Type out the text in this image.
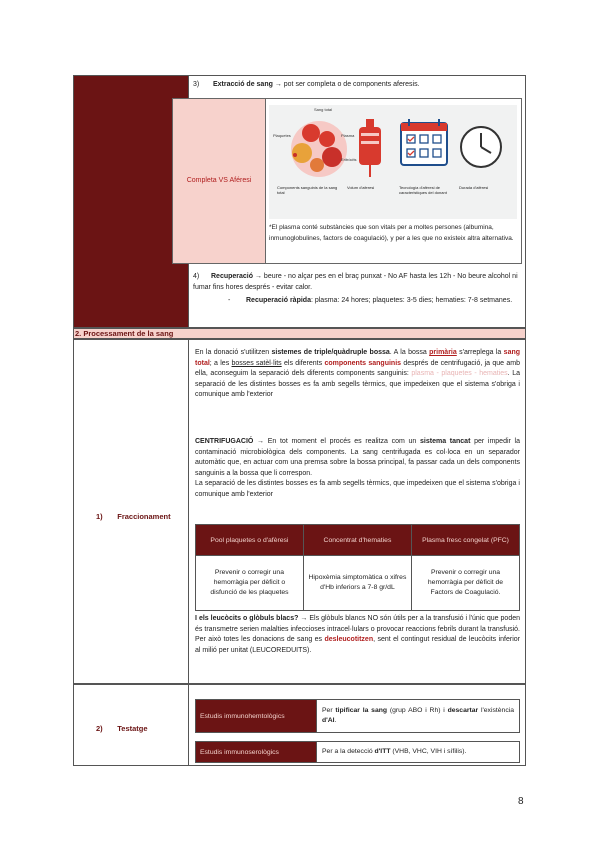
3) Extracció de sang → pot ser completa o de components aferesis.
Completa VS Aféresi
Sang total
Plaquetes	Plasma
Eritròcits
Components sanguinis de la sang total
Volum d'aferesi	Tecnología d'afèresi de caracteristiques del donant
Durada d'afèresi
*El plasma conté substàncies que son vitals per a moltes persones (albumina, inmunoglobulines, factors de coagulació), y per a les que no existeix altra alternativa.
4) Recuperació → beure - no alçar pes en el braç punxat - No AF hasta les 12h - No beure alcohol ni fumar fins hores després - evitar calor.
- Recuperació ràpida: plasma: 24 hores; plaquetes: 3-5 dies; hematies: 7-8 setmanes.
2. Processament de la sang
1)       Fraccionament
En la donació s'utilitzen sistemes de triple/quàdruple bossa. A la bossa primària s'arreplega la sang total; a les bosses satèl·lits els diferents components sanguinis després de centrifugació, ja que amb ella, aconseguim la separació dels diferents components sanguinis: plasma - plaquetes - hematies. La separació de les distintes bosses es fa amb segells tèrmics, que impedeixen que el sistema s'obriga i comunique amb l'exterior
CENTRIFUGACIÓ → En tot moment el procés es realitza com un sistema tancat per impedir la contaminació microbiològica dels components. La sang centrifugada es col·loca en un separador automàtic que, en actuar com una premsa sobre la bossa principal, fa passar cada un dels components sanguinis a la bossa que li correspon.
La separació de les distintes bosses es fa amb segells tèrmics, que impedeixen que el sistema s'obriga i comunique amb l'exterior
Pool plaquetes o d'afèresi	Concentrat d'hematies	Plasma fresc congelat (PFC)
Prevenir o corregir una hemorràgia per dèficit o disfunció de les plaquetes	Hipoxèmia simptomàtica o xifres d'Hb inferiors a 7-8 gr/dL	Prevenir o corregir una hemorràgia per dèficit de Factors de Coagulació.
I els leucòcits o glòbuls blacs? → Els glòbuls blancs NO són útils per a la transfusió i l'únic que poden és transmetre serien malalties infeccioses intracel·lulars o provocar reaccions febrils durant la transfusió. Per això totes les donacions de sang es desleucotitzen, sent el contingut residual de leucòcits inferior al milió per unitat (LEUCOREDUITS).
2)       Testatge
Estudis immunohemtològics	Per tipificar la sang (grup ABO i Rh) i descartar l'existència d'AI.

Estudis immunoserològics	Per a la detecció d'ITT (VHB, VHC, VIH i sífilis).
8
